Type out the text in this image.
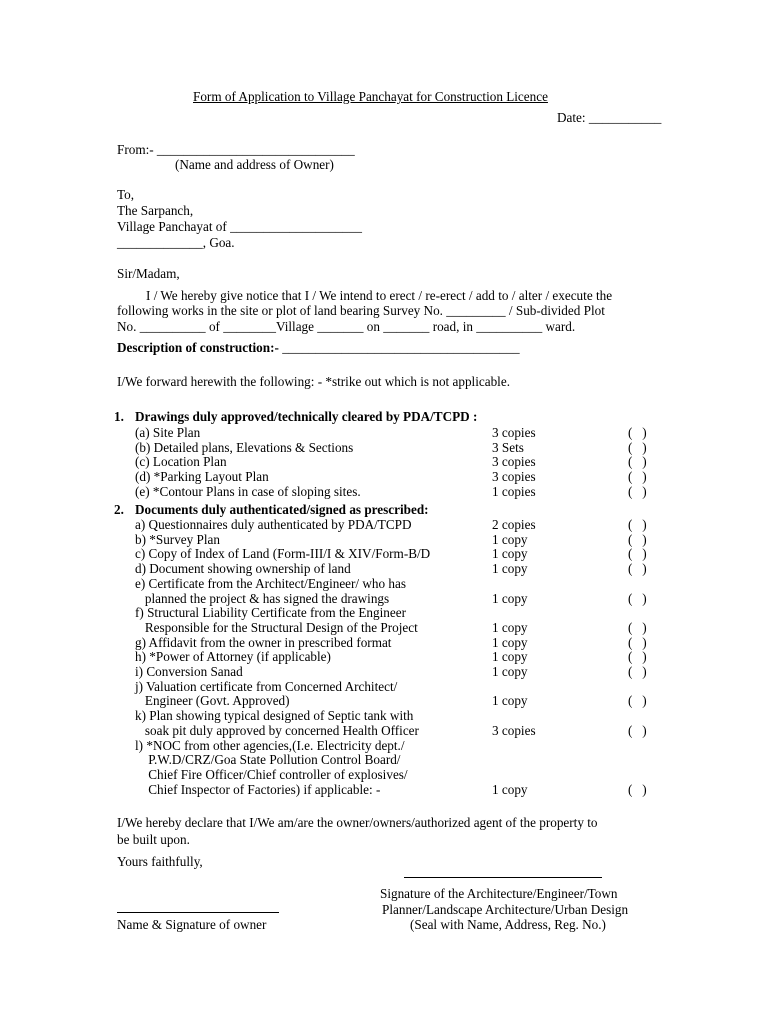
Form of Application to Village Panchayat for Construction Licence
Date: ___________
From:- ______________________________
(Name and address of Owner)
To,
The Sarpanch,
Village Panchayat of ____________________
_____________, Goa.
Sir/Madam,
I / We hereby give notice that I / We intend to erect / re-erect / add to / alter / execute the
following works in the site or plot of land bearing Survey No. _________ / Sub-divided Plot
No. __________ of ________Village _______ on _______ road, in __________ ward.
Description of construction:- ____________________________________
I/We forward herewith the following: - *strike out which is not applicable.
1. Drawings duly approved/technically cleared by PDA/TCPD :
(a) Site Plan	3 copies	(   )
(b) Detailed plans, Elevations & Sections	3 Sets	(   )
(c) Location Plan	3 copies	(   )
(d) *Parking Layout Plan	3 copies	(   )
(e) *Contour Plans in case of sloping sites.	1 copies	(   )
2. Documents duly authenticated/signed as prescribed:
a) Questionnaires duly authenticated by PDA/TCPD	2 copies	(   )
b) *Survey Plan	1 copy	(   )
c) Copy of Index of Land (Form-III/I & XIV/Form-B/D	1 copy	(   )
d) Document showing ownership of land	1 copy	(   )
e) Certificate from the Architect/Engineer/ who has
planned the project & has signed the drawings	1 copy	(   )
f) Structural Liability Certificate from the Engineer
Responsible for the Structural Design of the Project	1 copy	(   )
g) Affidavit from the owner in prescribed format	1 copy	(   )
h) *Power of Attorney (if applicable)	1 copy	(   )
i) Conversion Sanad	1 copy	(   )
j) Valuation certificate from Concerned Architect/
Engineer (Govt. Approved)	1 copy	(   )
k) Plan showing typical designed of Septic tank with
soak pit duly approved by concerned Health Officer	3 copies	(   )
l) *NOC from other agencies,(I.e. Electricity dept./
P.W.D/CRZ/Goa State Pollution Control Board/
Chief Fire Officer/Chief controller of explosives/
Chief Inspector of Factories) if applicable: -	1 copy	(   )
I/We hereby declare that I/We am/are the owner/owners/authorized agent of the property to
be built upon.
Yours faithfully,
Signature of the Architecture/Engineer/Town
Planner/Landscape Architecture/Urban Design
(Seal with Name, Address, Reg. No.)
Name & Signature of owner
